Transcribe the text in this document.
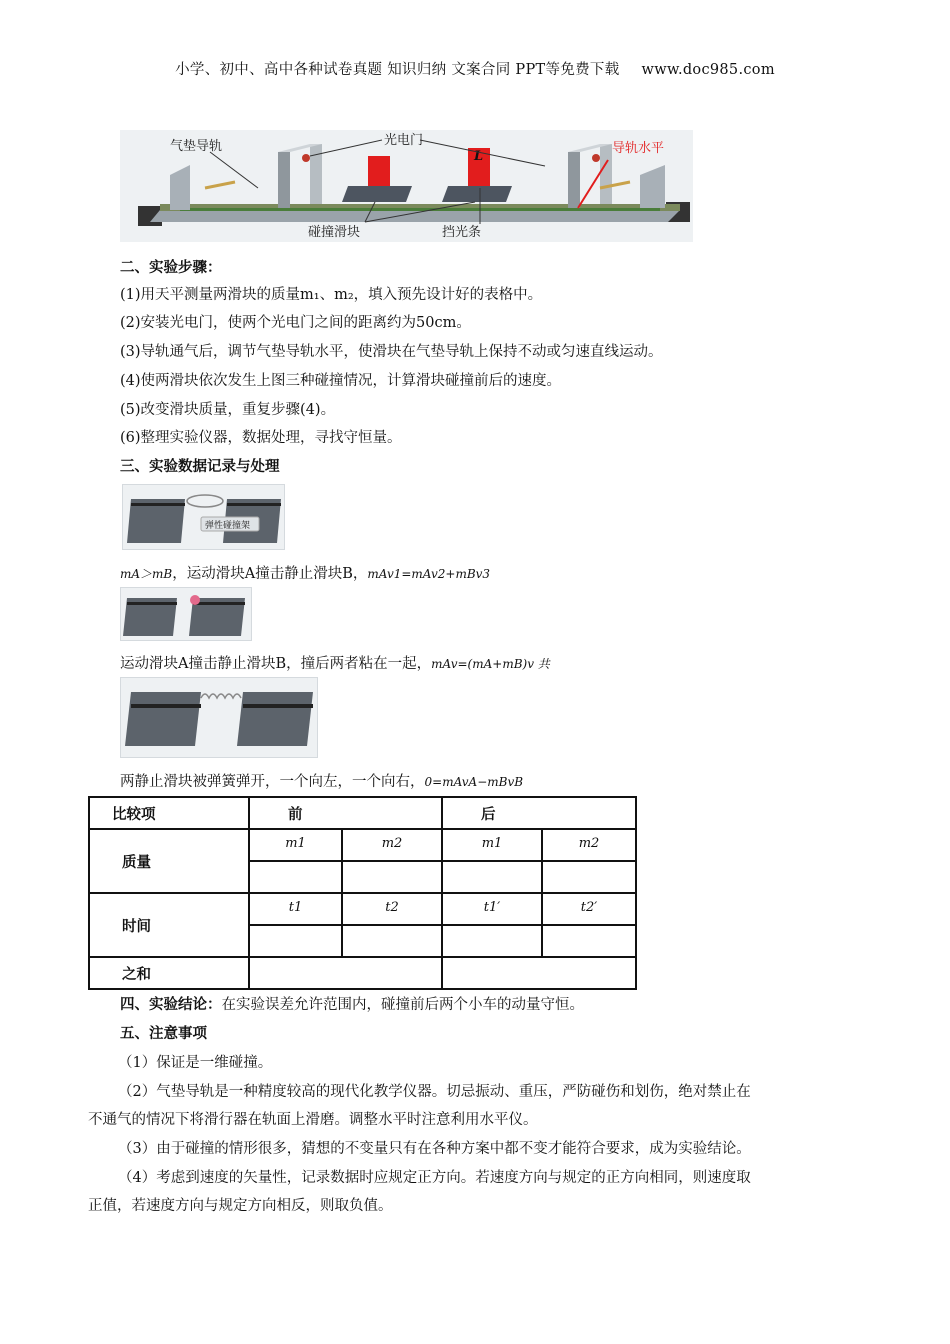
小学、初中、高中各种试卷真题 知识归纳 文案合同 PPT等免费下载 www.doc985.com
L
气垫导轨	光电门
导轨水平
碰撞滑块	挡光条
二、实验步骤：
(1)用天平测量两滑块的质量m₁、m₂，填入预先设计好的表格中。
(2)安装光电门，使两个光电门之间的距离约为50cm。
(3)导轨通气后，调节气垫导轨水平，使滑块在气垫导轨上保持不动或匀速直线运动。
(4)使两滑块依次发生上图三种碰撞情况，计算滑块碰撞前后的速度。
(5)改变滑块质量，重复步骤(4)。
(6)整理实验仪器，数据处理，寻找守恒量。
三、实验数据记录与处理
弹性碰撞架
mA＞mB，运动滑块A撞击静止滑块B，mAv1=mAv2+mBv3
运动滑块A撞击静止滑块B，撞后两者粘在一起，mAv=(mA+mB)v 共
两静止滑块被弹簧弹开，一个向左，一个向右，0=mAvA−mBvB
比较项	前		后	
质量	m1	m2	m1	m2

时间	t1	t2	t1′	t2′

之和				
四、实验结论：在实验误差允许范围内，碰撞前后两个小车的动量守恒。
五、注意事项
（1）保证是一维碰撞。
（2）气垫导轨是一种精度较高的现代化教学仪器。切忌振动、重压，严防碰伤和划伤，绝对禁止在
不通气的情况下将滑行器在轨面上滑磨。调整水平时注意利用水平仪。
（3）由于碰撞的情形很多，猜想的不变量只有在各种方案中都不变才能符合要求，成为实验结论。
（4）考虑到速度的矢量性，记录数据时应规定正方向。若速度方向与规定的正方向相同，则速度取
正值，若速度方向与规定方向相反，则取负值。
